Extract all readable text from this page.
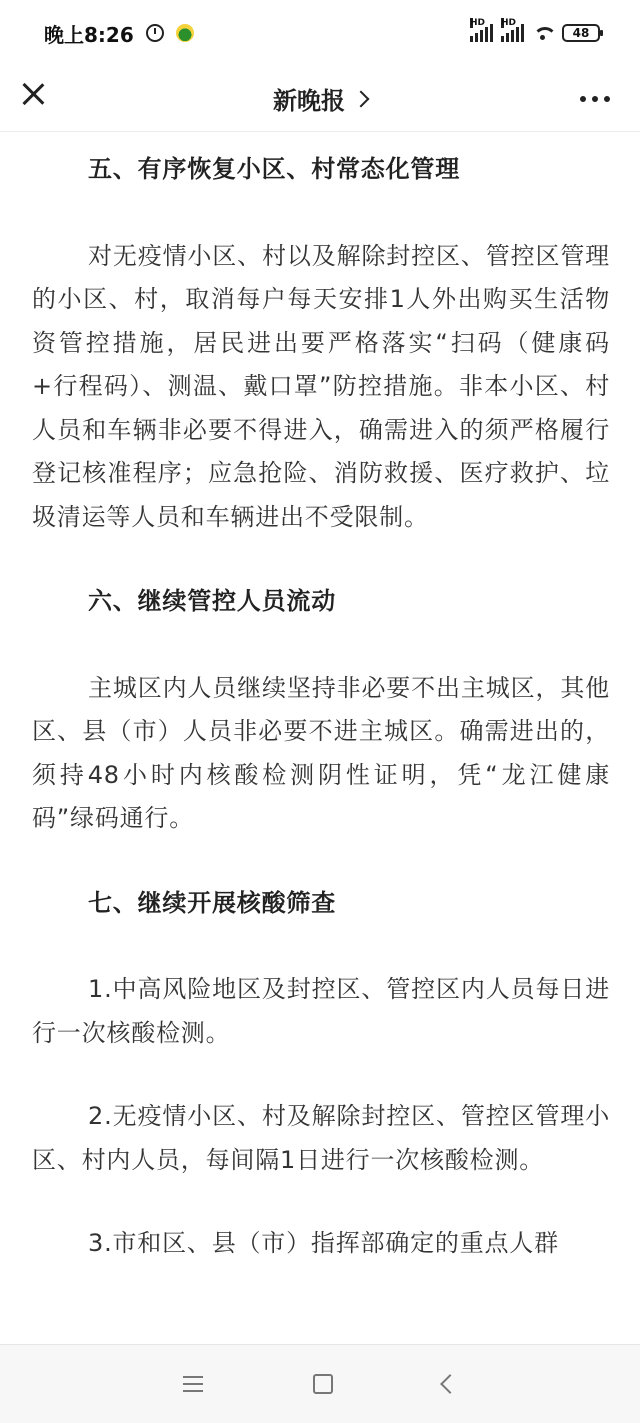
晚上8:26	HD HD
48
新晚报

五、有序恢复小区、村常态化管理

对无疫情小区、村以及解除封控区、管控区管理的小区、村，取消每户每天安排1人外出购买生活物资管控措施，居民进出要严格落实“扫码（健康码+行程码）、测温、戴口罩”防控措施。非本小区、村人员和车辆非必要不得进入，确需进入的须严格履行登记核准程序；应急抢险、消防救援、医疗救护、垃圾清运等人员和车辆进出不受限制。

六、继续管控人员流动

主城区内人员继续坚持非必要不出主城区，其他区、县（市）人员非必要不进主城区。确需进出的，须持48小时内核酸检测阴性证明，凭“龙江健康码”绿码通行。

七、继续开展核酸筛查

1.中高风险地区及封控区、管控区内人员每日进行一次核酸检测。

2.无疫情小区、村及解除封控区、管控区管理小区、村内人员，每间隔1日进行一次核酸检测。

3.市和区、县（市）指挥部确定的重点人群
